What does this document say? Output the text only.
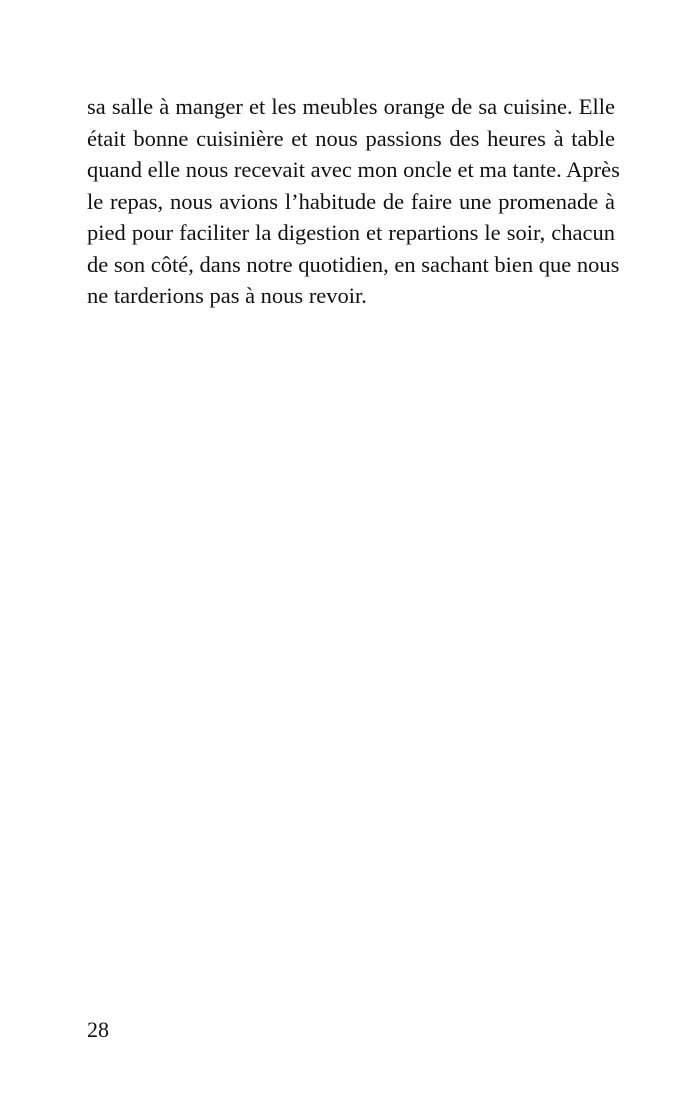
sa salle à manger et les meubles orange de sa cuisine. Elle
était bonne cuisinière et nous passions des heures à table
quand elle nous recevait avec mon oncle et ma tante. Après
le repas, nous avions l’habitude de faire une promenade à
pied pour faciliter la digestion et repartions le soir, chacun
de son côté, dans notre quotidien, en sachant bien que nous
ne tarderions pas à nous revoir.
28
